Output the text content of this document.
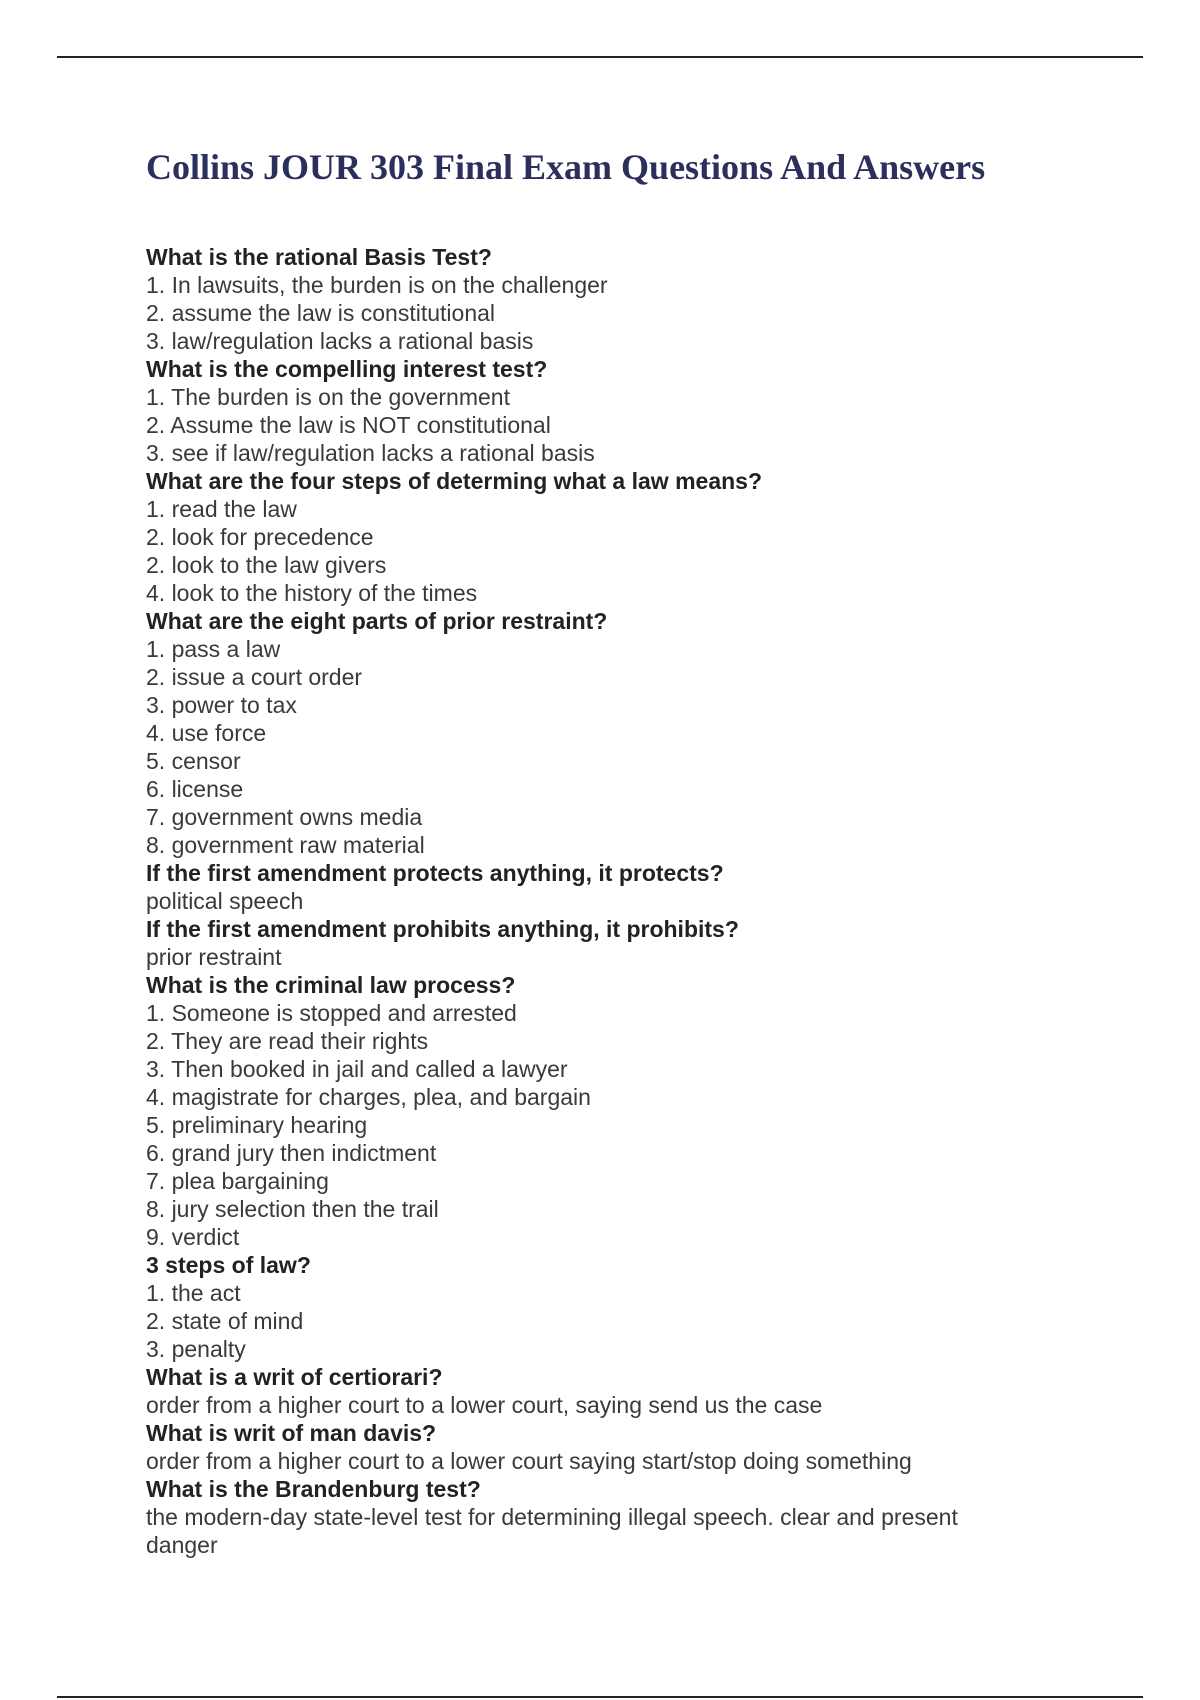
Collins JOUR 303 Final Exam Questions And Answers

What is the rational Basis Test?

1. In lawsuits, the burden is on the challenger

2. assume the law is constitutional

3. law/regulation lacks a rational basis

What is the compelling interest test?

1. The burden is on the government

2. Assume the law is NOT constitutional

3. see if law/regulation lacks a rational basis

What are the four steps of determing what a law means?

1. read the law

2. look for precedence

2. look to the law givers

4. look to the history of the times

What are the eight parts of prior restraint?

1. pass a law

2. issue a court order

3. power to tax

4. use force

5. censor

6. license

7. government owns media

8. government raw material

If the first amendment protects anything, it protects?

political speech

If the first amendment prohibits anything, it prohibits?

prior restraint

What is the criminal law process?

1. Someone is stopped and arrested

2. They are read their rights

3. Then booked in jail and called a lawyer

4. magistrate for charges, plea, and bargain

5. preliminary hearing

6. grand jury then indictment

7. plea bargaining

8. jury selection then the trail

9. verdict

3 steps of law?

1. the act

2. state of mind

3. penalty

What is a writ of certiorari?

order from a higher court to a lower court, saying send us the case

What is writ of man davis?

order from a higher court to a lower court saying start/stop doing something

What is the Brandenburg test?

the modern-day state-level test for determining illegal speech. clear and present

danger
